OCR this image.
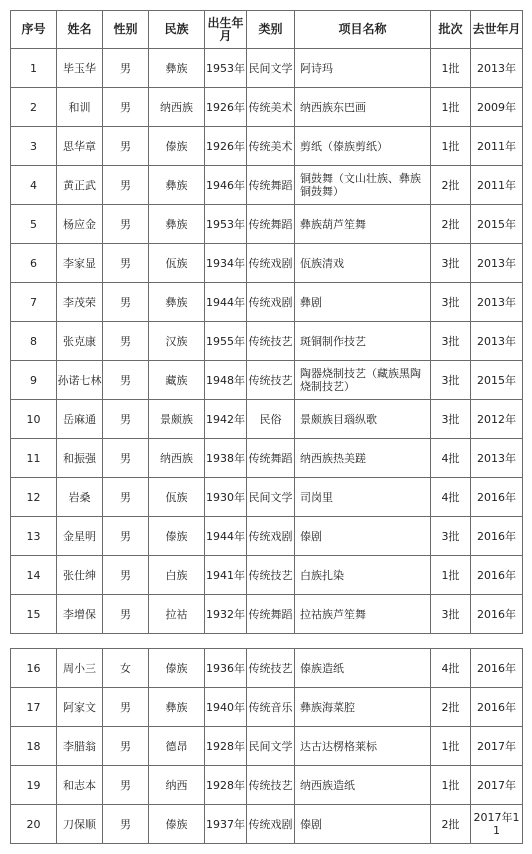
序号	姓名	性别	民族	出生年月	类别	项目名称	批次	去世年月
1	毕玉华	男	彝族	1953年	民间文学	阿诗玛	1批	2013年
2	和训	男	纳西族	1926年	传统美术	纳西族东巴画	1批	2009年
3	思华章	男	傣族	1926年	传统美术	剪纸（傣族剪纸）	1批	2011年
4	黄正武	男	彝族	1946年	传统舞蹈	铜鼓舞（文山壮族、彝族铜鼓舞）	2批	2011年
5	杨应金	男	彝族	1953年	传统舞蹈	彝族葫芦笙舞	2批	2015年
6	李家显	男	佤族	1934年	传统戏剧	佤族清戏	3批	2013年
7	李茂荣	男	彝族	1944年	传统戏剧	彝剧	3批	2013年
8	张克康	男	汉族	1955年	传统技艺	斑铜制作技艺	3批	2013年
9	孙诺七林	男	藏族	1948年	传统技艺	陶器烧制技艺（藏族黑陶烧制技艺）	3批	2015年
10	岳麻通	男	景颇族	1942年	民俗	景颇族目瑙纵歌	3批	2012年
11	和振强	男	纳西族	1938年	传统舞蹈	纳西族热美蹉	4批	2013年
12	岩桑	男	佤族	1930年	民间文学	司岗里	4批	2016年
13	金星明	男	傣族	1944年	传统戏剧	傣剧	3批	2016年
14	张仕绅	男	白族	1941年	传统技艺	白族扎染	1批	2016年
15	李增保	男	拉祜	1932年	传统舞蹈	拉祜族芦笙舞	3批	2016年
16	周小三	女	傣族	1936年	传统技艺	傣族造纸	4批	2016年
17	阿家文	男	彝族	1940年	传统音乐	彝族海菜腔	2批	2016年
18	李腊翁	男	德昂	1928年	民间文学	达古达楞格莱标	1批	2017年
19	和志本	男	纳西	1928年	传统技艺	纳西族造纸	1批	2017年
20	刀保顺	男	傣族	1937年	传统戏剧	傣剧	2批	2017年11
